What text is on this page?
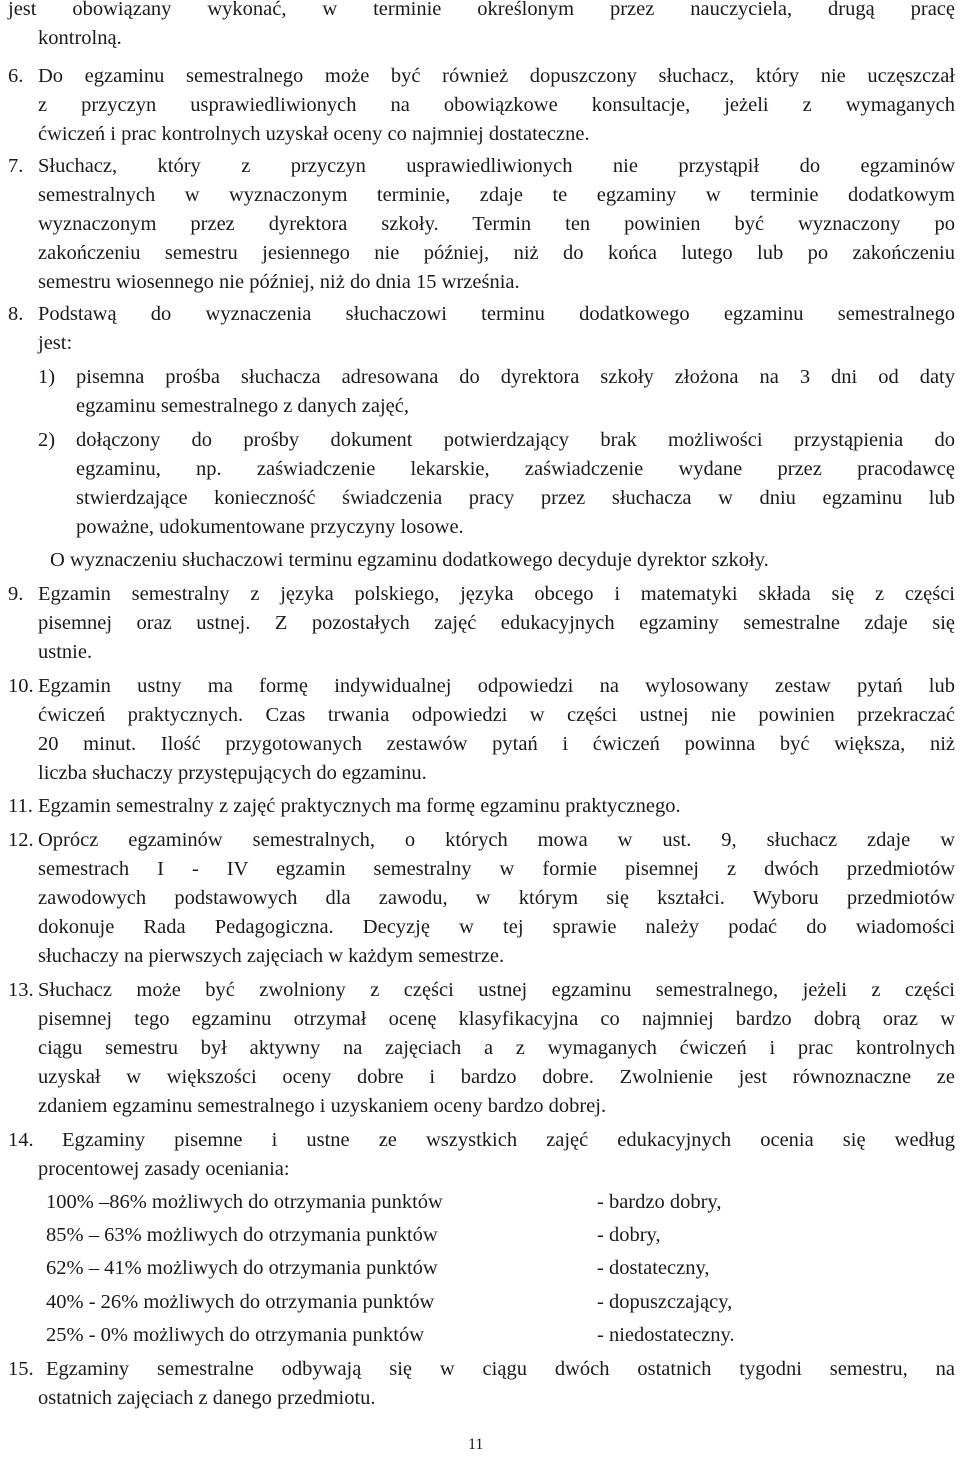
jest obowiązany wykonać, w terminie określonym przez nauczyciela, drugą pracę
kontrolną.
6. Do egzaminu semestralnego może być również dopuszczony słuchacz, który nie uczęszczał
z przyczyn usprawiedliwionych na obowiązkowe konsultacje, jeżeli z wymaganych
ćwiczeń i prac kontrolnych uzyskał oceny co najmniej dostateczne.
7. Słuchacz, który z przyczyn usprawiedliwionych nie przystąpił do egzaminów
semestralnych w wyznaczonym terminie, zdaje te egzaminy w terminie dodatkowym
wyznaczonym przez dyrektora szkoły. Termin ten powinien być wyznaczony po
zakończeniu semestru jesiennego nie później, niż do końca lutego lub po zakończeniu
semestru wiosennego nie później, niż do dnia 15 września.
8. Podstawą do wyznaczenia słuchaczowi terminu dodatkowego egzaminu semestralnego
jest:
1) pisemna prośba słuchacza adresowana do dyrektora szkoły złożona na 3 dni od daty
egzaminu semestralnego z danych zajęć,
2) dołączony do prośby dokument potwierdzający brak możliwości przystąpienia do
egzaminu, np. zaświadczenie lekarskie, zaświadczenie wydane przez pracodawcę
stwierdzające konieczność świadczenia pracy przez słuchacza w dniu egzaminu lub
poważne, udokumentowane przyczyny losowe.
O wyznaczeniu słuchaczowi terminu egzaminu dodatkowego decyduje dyrektor szkoły.
9. Egzamin semestralny z języka polskiego, języka obcego i matematyki składa się z części
pisemnej oraz ustnej. Z pozostałych zajęć edukacyjnych egzaminy semestralne zdaje się
ustnie.
10. Egzamin ustny ma formę indywidualnej odpowiedzi na wylosowany zestaw pytań lub
ćwiczeń praktycznych. Czas trwania odpowiedzi w części ustnej nie powinien przekraczać
20 minut. Ilość przygotowanych zestawów pytań i ćwiczeń powinna być większa, niż
liczba słuchaczy przystępujących do egzaminu.
11. Egzamin semestralny z zajęć praktycznych ma formę egzaminu praktycznego.
12. Oprócz egzaminów semestralnych, o których mowa w ust. 9, słuchacz zdaje w
semestrach I - IV egzamin semestralny w formie pisemnej z dwóch przedmiotów
zawodowych podstawowych dla zawodu, w którym się kształci. Wyboru przedmiotów
dokonuje Rada Pedagogiczna. Decyzję w tej sprawie należy podać do wiadomości
słuchaczy na pierwszych zajęciach w każdym semestrze.
13. Słuchacz może być zwolniony z części ustnej egzaminu semestralnego, jeżeli z części
pisemnej tego egzaminu otrzymał ocenę klasyfikacyjna co najmniej bardzo dobrą oraz w
ciągu semestru był aktywny na zajęciach a z wymaganych ćwiczeń i prac kontrolnych
uzyskał w większości oceny dobre i bardzo dobre. Zwolnienie jest równoznaczne ze
zdaniem egzaminu semestralnego i uzyskaniem oceny bardzo dobrej.
14. Egzaminy pisemne i ustne ze wszystkich zajęć edukacyjnych ocenia się według
procentowej zasady oceniania:
100% –86% możliwych do otrzymania punktów	- bardzo dobry,
85% – 63% możliwych do otrzymania punktów	- dobry,
62% – 41% możliwych do otrzymania punktów	- dostateczny,
40% - 26% możliwych do otrzymania punktów	- dopuszczający,
25% - 0% możliwych do otrzymania punktów	- niedostateczny.
15. Egzaminy semestralne odbywają się w ciągu dwóch ostatnich tygodni semestru, na
ostatnich zajęciach z danego przedmiotu.
11
